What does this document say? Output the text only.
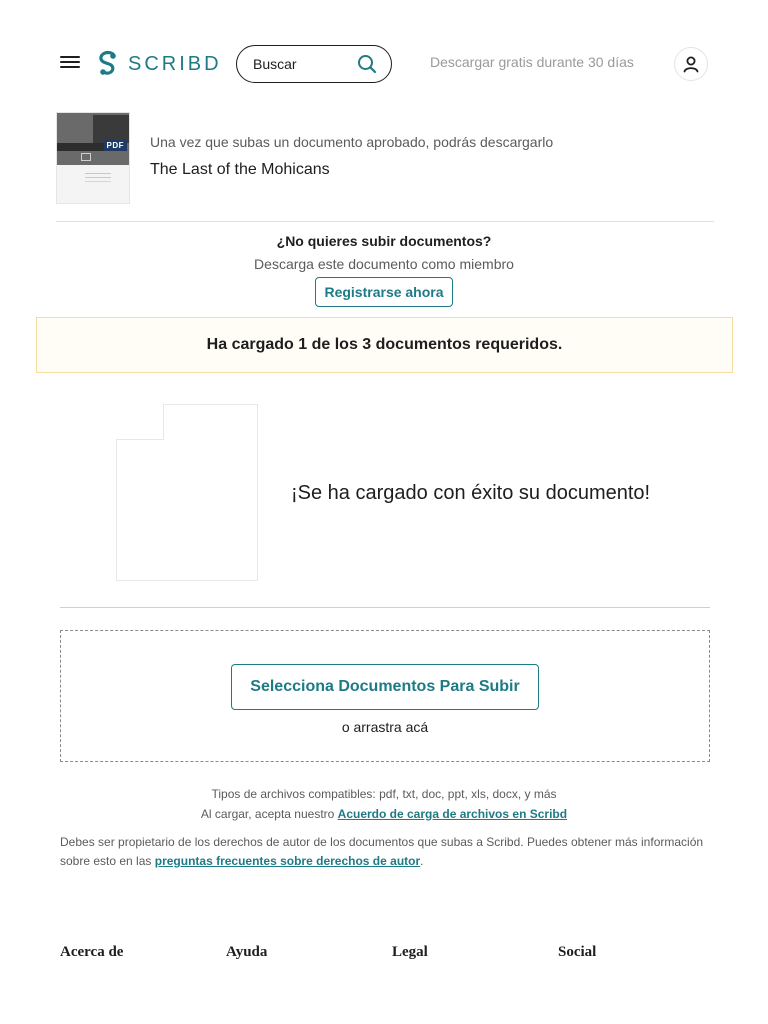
SCRIBD
Buscar	Descargar gratis durante 30 días
PDF Una vez que subas un documento aprobado, podrás descargarlo
The Last of the Mohicans
¿No quieres subir documentos?
Descarga este documento como miembro
Registrarse ahora
Ha cargado 1 de los 3 documentos requeridos.
¡Se ha cargado con éxito su documento!
Selecciona Documentos Para Subir
o arrastra acá
Tipos de archivos compatibles: pdf, txt, doc, ppt, xls, docx, y más
Al cargar, acepta nuestro Acuerdo de carga de archivos en Scribd
Debes ser propietario de los derechos de autor de los documentos que subas a Scribd. Puedes obtener más información sobre esto en las preguntas frecuentes sobre derechos de autor.
Acerca de	Ayuda	Legal	Social
